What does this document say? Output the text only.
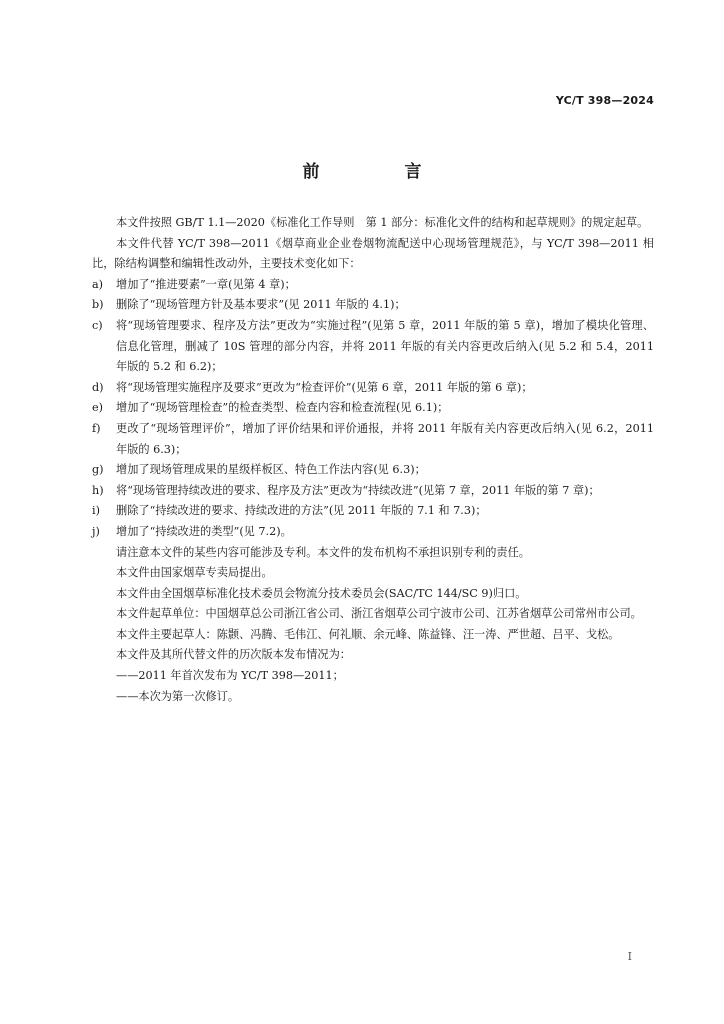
YC/T 398—2024
前　言

本文件按照 GB/T 1.1—2020《标准化工作导则　第 1 部分：标准化文件的结构和起草规则》的规定起草。

本文件代替 YC/T 398—2011《烟草商业企业卷烟物流配送中心现场管理规范》，与 YC/T 398—2011 相比，除结构调整和编辑性改动外，主要技术变化如下：

a)	增加了“推进要素”一章(见第 4 章)；
b)	删除了“现场管理方针及基本要求”(见 2011 年版的 4.1)；
c)	将“现场管理要求、程序及方法”更改为“实施过程”(见第 5 章，2011 年版的第 5 章)，增加了模块化管理、信息化管理，删减了 10S 管理的部分内容，并将 2011 年版的有关内容更改后纳入(见 5.2 和 5.4，2011 年版的 5.2 和 6.2)；
d)	将“现场管理实施程序及要求”更改为“检查评价”(见第 6 章，2011 年版的第 6 章)；
e)	增加了“现场管理检查”的检查类型、检查内容和检查流程(见 6.1)；
f)	更改了“现场管理评价”，增加了评价结果和评价通报，并将 2011 年版有关内容更改后纳入(见 6.2，2011 年版的 6.3)；
g)	增加了现场管理成果的星级样板区、特色工作法内容(见 6.3)；
h)	将“现场管理持续改进的要求、程序及方法”更改为“持续改进”(见第 7 章，2011 年版的第 7 章)；
i)	删除了“持续改进的要求、持续改进的方法”(见 2011 年版的 7.1 和 7.3)；
j)	增加了“持续改进的类型”(见 7.2)。

请注意本文件的某些内容可能涉及专利。本文件的发布机构不承担识别专利的责任。

本文件由国家烟草专卖局提出。

本文件由全国烟草标准化技术委员会物流分技术委员会(SAC/TC 144/SC 9)归口。

本文件起草单位：中国烟草总公司浙江省公司、浙江省烟草公司宁波市公司、江苏省烟草公司常州市公司。

本文件主要起草人：陈颢、冯腾、毛伟江、何礼顺、余元峰、陈益锋、汪一涛、严世超、吕平、戈松。

本文件及其所代替文件的历次版本发布情况为：

——2011 年首次发布为 YC/T 398—2011；

——本次为第一次修订。

I
